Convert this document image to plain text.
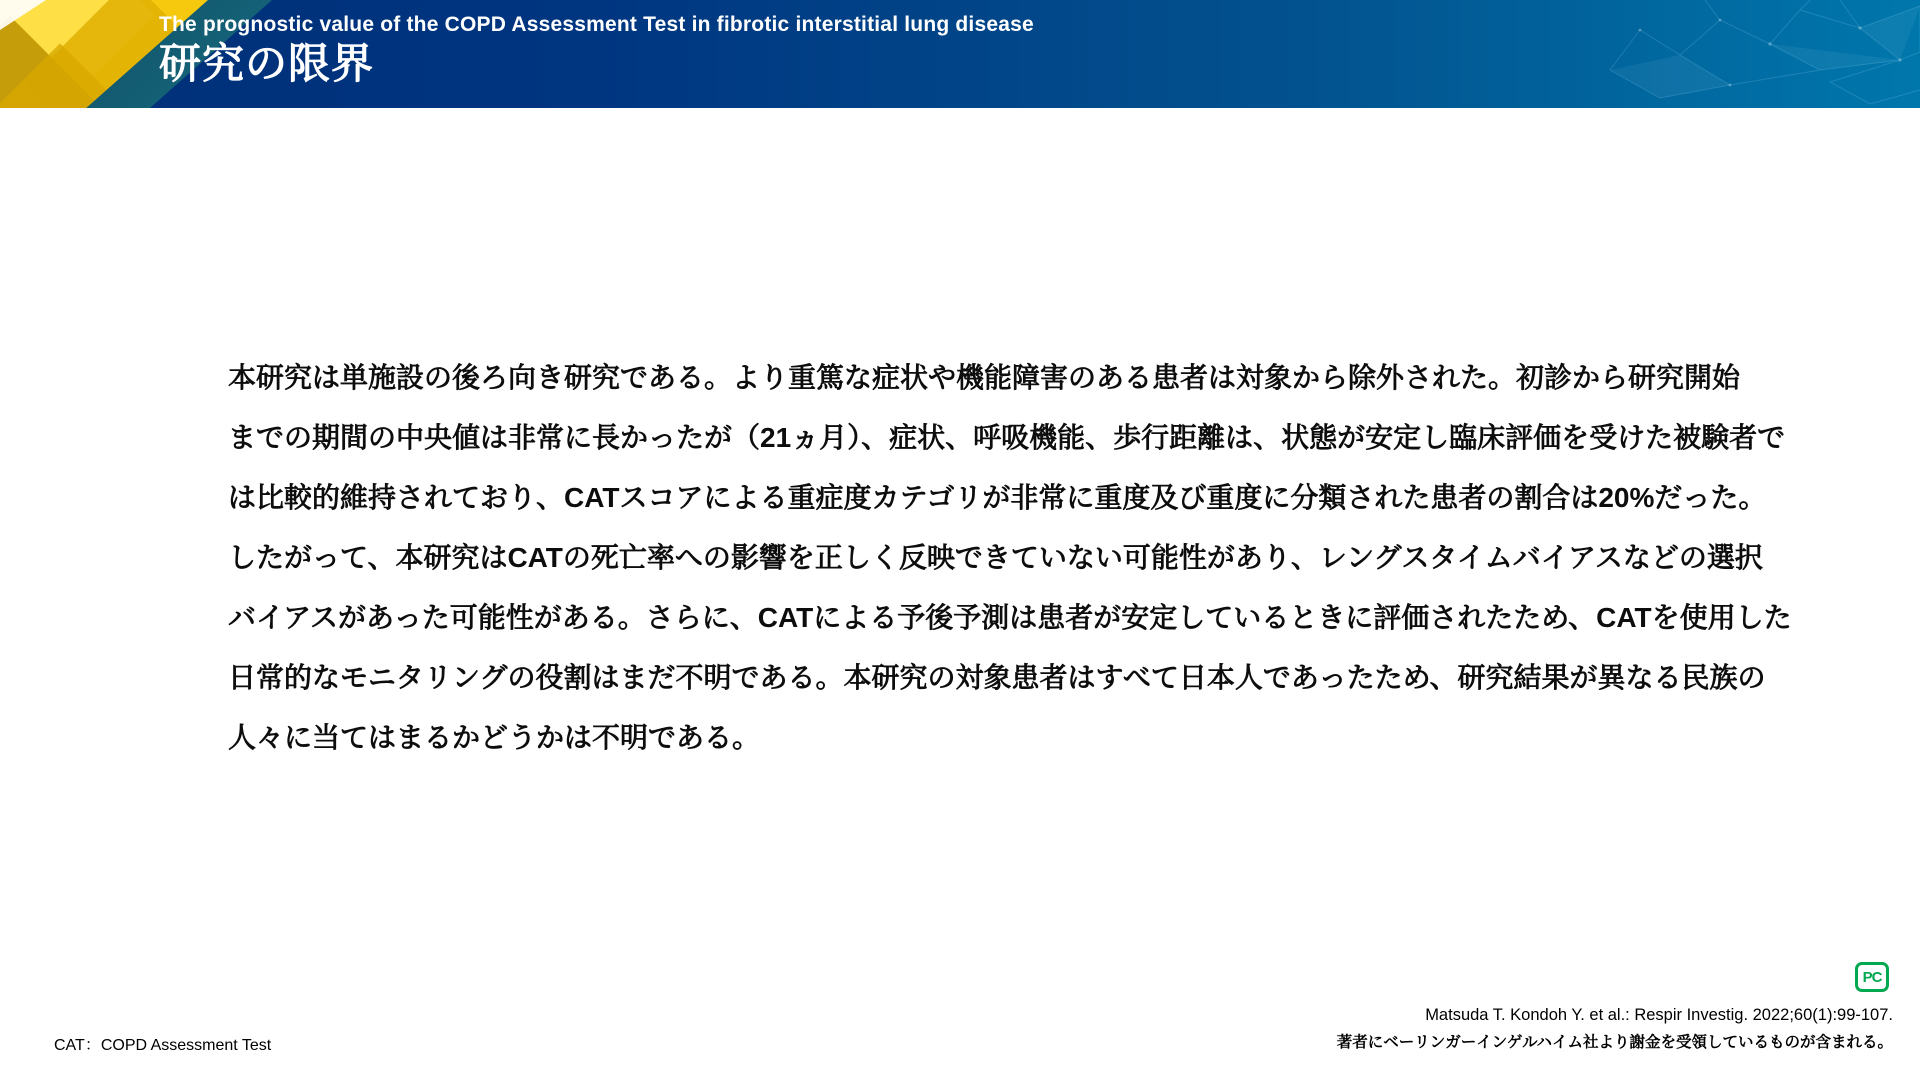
The prognostic value of the COPD Assessment Test in fibrotic interstitial lung disease
研究の限界
本研究は単施設の後ろ向き研究である。より重篤な症状や機能障害のある患者は対象から除外された。初診から研究開始
までの期間の中央値は非常に長かったが（21ヵ月）、症状、呼吸機能、歩行距離は、状態が安定し臨床評価を受けた被験者で
は比較的維持されており、CATスコアによる重症度カテゴリが非常に重度及び重度に分類された患者の割合は20%だった。
したがって、本研究はCATの死亡率への影響を正しく反映できていない可能性があり、レングスタイムバイアスなどの選択
バイアスがあった可能性がある。さらに、CATによる予後予測は患者が安定しているときに評価されたため、CATを使用した
日常的なモニタリングの役割はまだ不明である。本研究の対象患者はすべて日本人であったため、研究結果が異なる民族の
人々に当てはまるかどうかは不明である。
CAT：COPD Assessment Test
PC
Matsuda T. Kondoh Y. et al.: Respir Investig. 2022;60(1):99-107.
著者にベーリンガーインゲルハイム社より謝金を受領しているものが含まれる。
